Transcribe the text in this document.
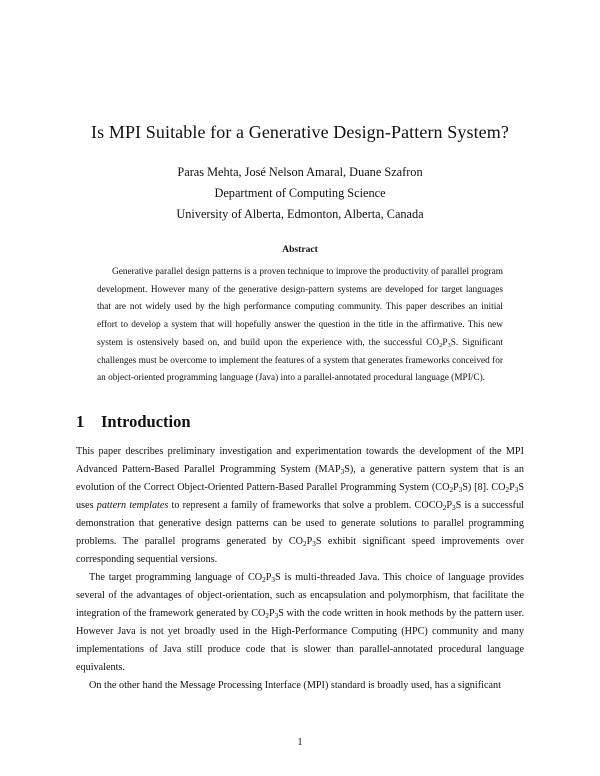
Is MPI Suitable for a Generative Design-Pattern System?
Paras Mehta, José Nelson Amaral, Duane Szafron
Department of Computing Science
University of Alberta, Edmonton, Alberta, Canada
Abstract

Generative parallel design patterns is a proven technique to improve the productivity of parallel program development. However many of the generative design-pattern systems are developed for target languages that are not widely used by the high performance computing community. This paper describes an initial effort to develop a system that will hopefully answer the question in the title in the affirmative. This new system is ostensively based on, and build upon the experience with, the successful $CO_2P_3S$. Significant challenges must be overcome to implement the features of a system that generates frameworks conceived for an object-oriented programming language (Java) into a parallel-annotated procedural language (MPI/C).

1 Introduction

This paper describes preliminary investigation and experimentation towards the development of the MPI Advanced Pattern-Based Parallel Programming System $(MAP_3S)$, a generative pattern system that is an evolution of the Correct Object-Oriented Pattern-Based Parallel Programming System $(CO_2P_3S)$ [8]. $CO_2P_3S$ uses pattern templates to represent a family of frameworks that solve a problem. $COCO_2P_3S$ is a successful demonstration that generative design patterns can be used to generate solutions to parallel programming problems. The parallel programs generated by $CO_2P_3S$ exhibit significant speed improvements over corresponding sequential versions.

The target programming language of $CO_2P_3S$ is multi-threaded Java. This choice of language provides several of the advantages of object-orientation, such as encapsulation and polymorphism, that facilitate the integration of the framework generated by $CO_2P_3S$ with the code written in hook methods by the pattern user. However Java is not yet broadly used in the High-Performance Computing (HPC) community and many implementations of Java still produce code that is slower than parallel-annotated procedural language equivalents.

On the other hand the Message Processing Interface (MPI) standard is broadly used, has a significant

1
